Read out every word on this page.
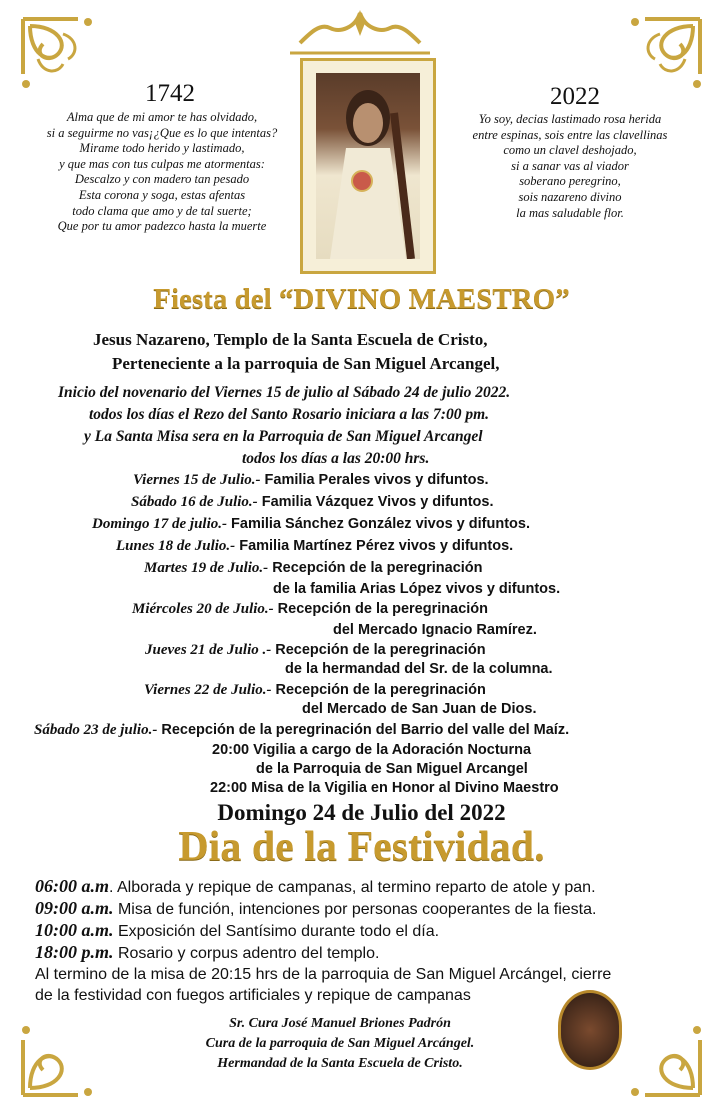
1742	2022
Alma que de mi amor te has olvidado,
si a seguirme no vas¡¿Que es lo que intentas?
Mirame todo herido y lastimado,
y que mas con tus culpas me atormentas:
Descalzo y con madero tan pesado
Esta corona y soga, estas afentas
todo clama que amo y de tal suerte;
Que por tu amor padezco hasta la muerte
Yo soy, decias lastimado rosa herida
entre espinas, sois entre las clavellinas
como un clavel deshojado,
si a sanar vas al viador
soberano peregrino,
sois nazareno divino
la mas saludable flor.
Fiesta del “DIVINO MAESTRO”
Jesus Nazareno, Templo de la Santa Escuela de Cristo,
Perteneciente a la parroquia de San Miguel Arcangel,
Inicio del novenario del Viernes 15 de julio al Sábado 24 de julio 2022.
todos los días el Rezo del Santo Rosario iniciara a las 7:00 pm.
y La Santa Misa sera en la Parroquia de San Miguel Arcangel
todos los días a las 20:00 hrs.
Viernes 15 de Julio.- Familia Perales vivos y difuntos.
Sábado 16 de Julio.- Familia Vázquez Vivos y difuntos.
Domingo 17 de julio.- Familia Sánchez González vivos y difuntos.
Lunes 18 de Julio.- Familia Martínez Pérez vivos y difuntos.
Martes 19 de Julio.- Recepción de la peregrinación
de la familia Arias López vivos y difuntos.
Miércoles 20 de Julio.- Recepción de la peregrinación
del Mercado Ignacio Ramírez.
Jueves 21 de Julio .- Recepción de la peregrinación
de la hermandad del Sr. de la columna.
Viernes 22 de Julio.- Recepción de la peregrinación
del Mercado de San Juan de Dios.
Sábado 23 de julio.- Recepción de la peregrinación del Barrio del valle del Maíz.
20:00 Vigilia a cargo de la Adoración Nocturna
de la Parroquia de San Miguel Arcangel
22:00 Misa de la Vigilia en Honor al Divino Maestro
Domingo 24 de Julio del 2022
Dia de la Festividad.
06:00 a.m. Alborada y repique de campanas, al termino reparto de atole y pan.
09:00 a.m. Misa de función, intenciones por personas cooperantes de la fiesta.
10:00 a.m. Exposición del Santísimo durante todo el día.
18:00 p.m. Rosario y corpus adentro del templo.
Al termino de la misa de 20:15 hrs de la parroquia de San Miguel Arcángel, cierre
de la festividad con fuegos artificiales y repique de campanas
Sr. Cura José Manuel Briones Padrón
Cura de la parroquia de San Miguel Arcángel.
Hermandad de la Santa Escuela de Cristo.
